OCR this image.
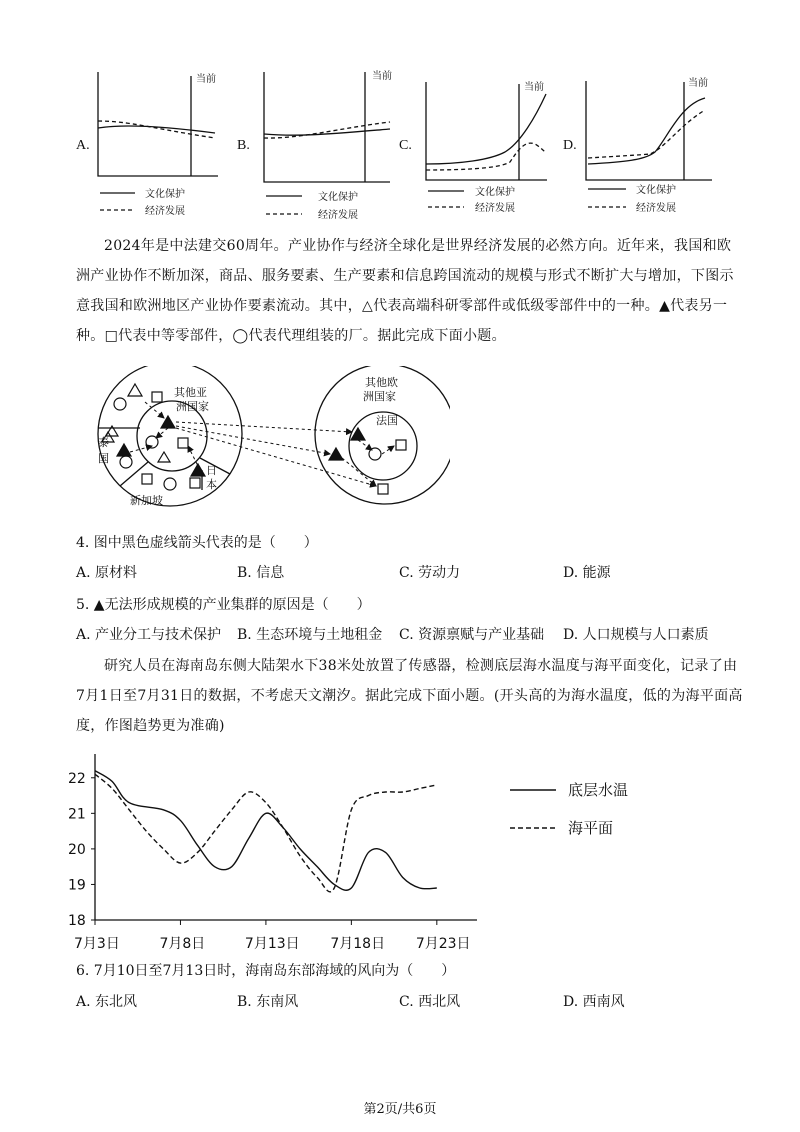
A.	B.	C.	D.
当前	当前
当前	当前
文化保护
经济发展
文化保护
经济发展
文化保护
经济发展
文化保护
经济发展
2024年是中法建交60周年。产业协作与经济全球化是世界经济发展的必然方向。近年来，我国和欧洲产业协作不断加深，商品、服务要素、生产要素和信息跨国流动的规模与形式不断扩大与增加，下图示意我国和欧洲地区产业协作要素流动。其中，△代表高端科研零部件或低级零部件中的一种。▲代表另一种。□代表中等零部件，◯代表代理组装的厂。据此完成下面小题。
其他亚
洲国家
泰
国
新加坡
日
本
其他欧
洲国家
法国
4. 图中黑色虚线箭头代表的是（　　）
A. 原材料	B. 信息	C. 劳动力	D. 能源
5. ▲无法形成规模的产业集群的原因是（　　）
A. 产业分工与技术保护 B. 生态环境与土地租金 C. 资源禀赋与产业基础 D. 人口规模与人口素质
研究人员在海南岛东侧大陆架水下38米处放置了传感器，检测底层海水温度与海平面变化，记录了由7月1日至7月31日的数据，不考虑天文潮汐。据此完成下面小题。(开头高的为海水温度，低的为海平面高度，作图趋势更为准确)
22
21
20
19
18
7月3日	7月8日	7月13日 7月18日 7月23日
底层水温
海平面
6. 7月10日至7月13日时，海南岛东部海域的风向为（　　）
A. 东北风	B. 东南风	C. 西北风	D. 西南风
第2页/共6页
